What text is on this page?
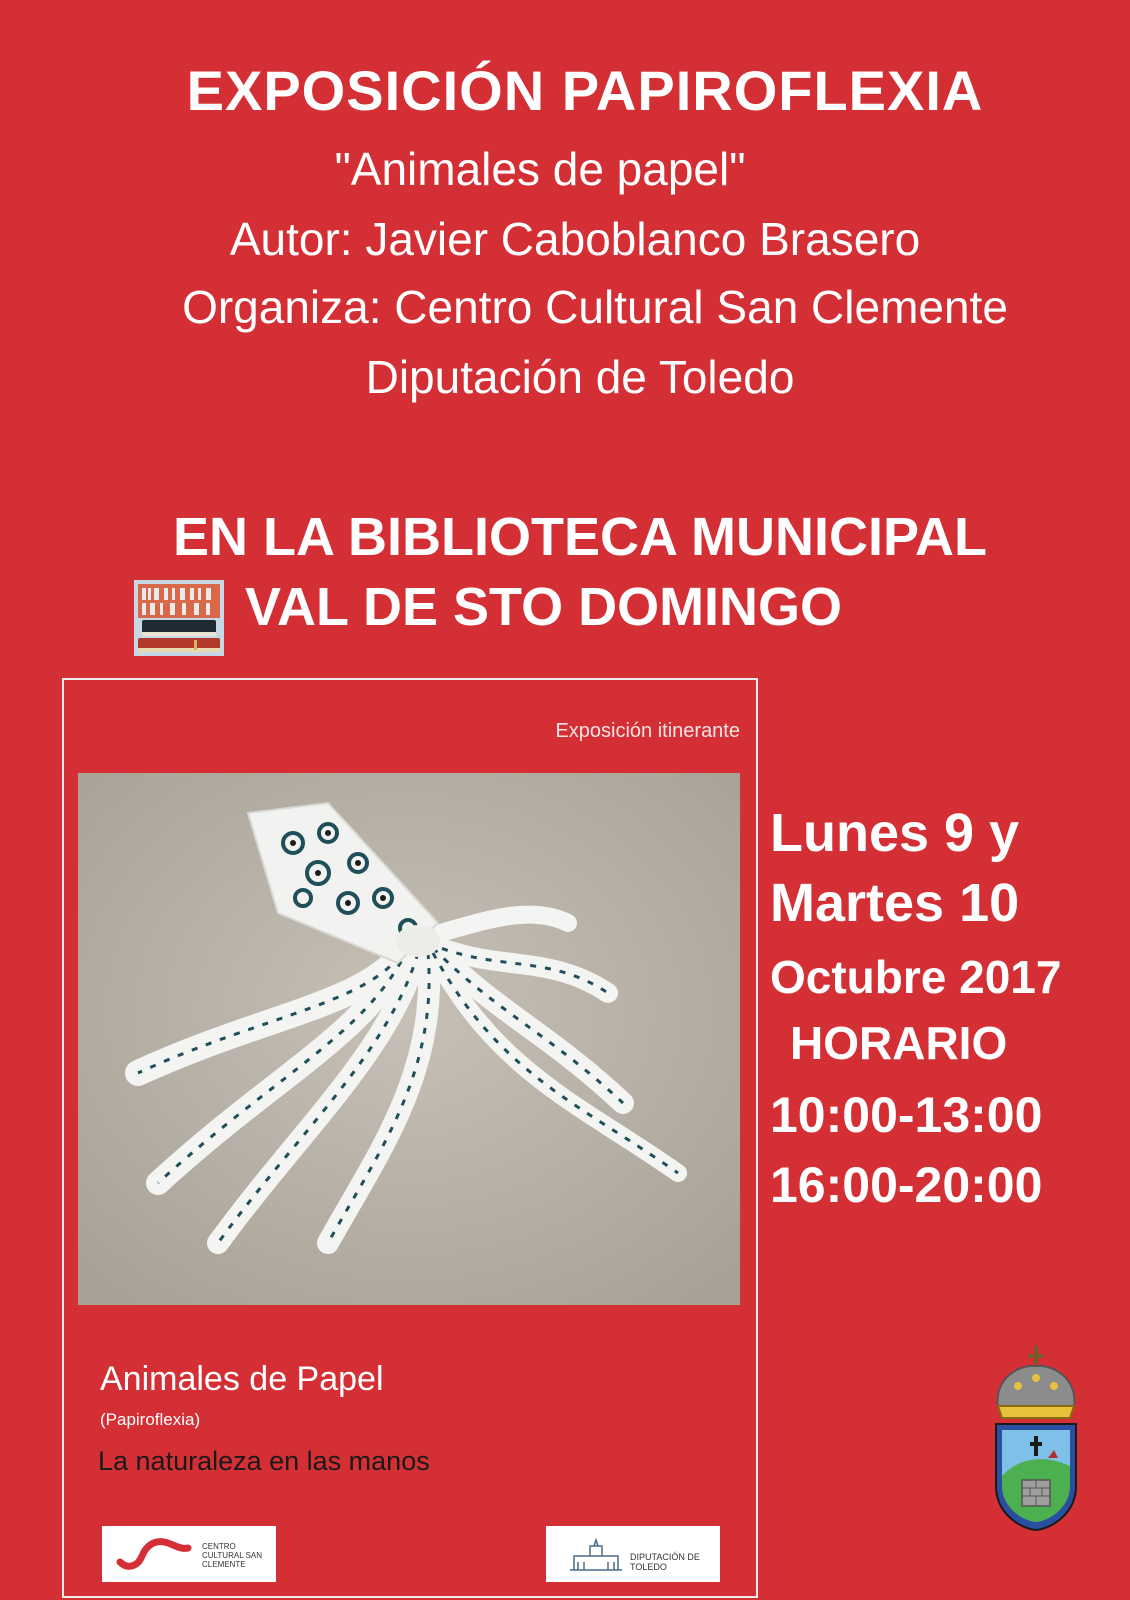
EXPOSICIÓN PAPIROFLEXIA
"Animales de papel"
Autor: Javier Caboblanco Brasero
Organiza: Centro Cultural San Clemente
Diputación de Toledo
EN LA BIBLIOTECA MUNICIPAL
VAL DE STO DOMINGO
Exposición itinerante
Animales de Papel
(Papiroflexia)
La naturaleza en las manos
CENTRO CULTURAL SAN CLEMENTE
DIPUTACIÓN DE TOLEDO
Lunes 9 y
Martes 10
Octubre 2017
HORARIO
10:00-13:00
16:00-20:00
